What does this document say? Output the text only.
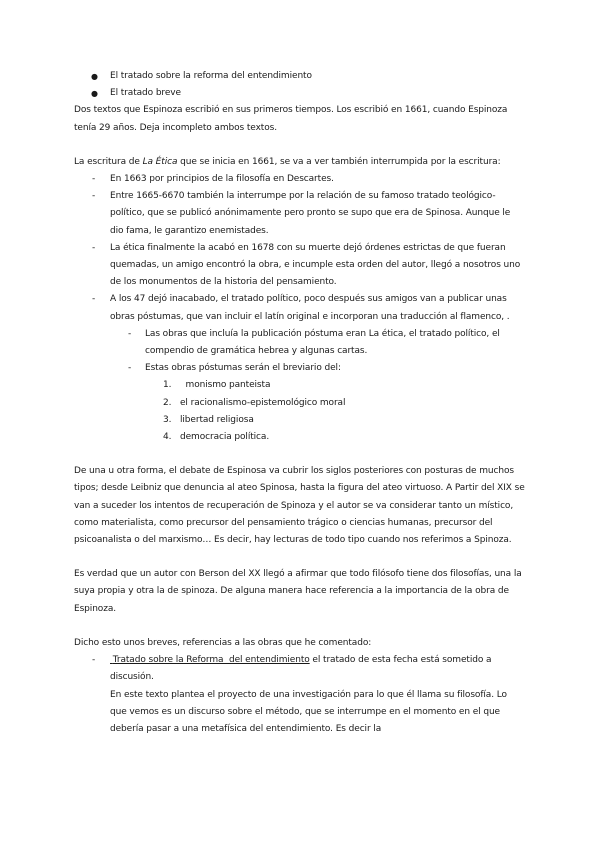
● El tratado sobre la reforma del entendimiento
● El tratado breve

Dos textos que Espinoza escribió en sus primeros tiempos. Los escribió en 1661, cuando Espinoza tenía 29 años. Deja incompleto ambos textos.

La escritura de La Ética que se inicia en 1661, se va a ver también interrumpida por la escritura:

- En 1663 por principios de la filosofía en Descartes.
- Entre 1665-6670 también la interrumpe por la relación de su famoso tratado teológico-político, que se publicó anónimamente pero pronto se supo que era de Spinosa. Aunque le dio fama, le garantizo enemistades.
- La ética finalmente la acabó en 1678 con su muerte dejó órdenes estrictas de que fueran quemadas, un amigo encontró la obra, e incumple esta orden del autor, llegó a nosotros uno de los monumentos de la historia del pensamiento.
- A los 47 dejó inacabado, el tratado político, poco después sus amigos van a publicar unas obras póstumas, que van incluir el latín original e incorporan una traducción al flamenco, .
- Las obras que incluía la publicación póstuma eran La ética, el tratado político, el compendio de gramática hebrea y algunas cartas.
- Estas obras póstumas serán el breviario del:
1. monismo panteista
2. el racionalismo-epistemológico moral
3. libertad religiosa
4. democracia política.

De una u otra forma, el debate de Espinosa va cubrir los siglos posteriores con posturas de muchos tipos; desde Leibniz que denuncia al ateo Spinosa, hasta la figura del ateo virtuoso. A Partir del XIX se van a suceder los intentos de recuperación de Spinoza y el autor se va considerar tanto un místico, como materialista, como precursor del pensamiento trágico o ciencias humanas, precursor del psicoanalista o del marxismo… Es decir, hay lecturas de todo tipo cuando nos referimos a Spinoza.

Es verdad que un autor con Berson del XX llegó a afirmar que todo filósofo tiene dos filosofías, una la suya propia y otra la de spinoza. De alguna manera hace referencia a la importancia de la obra de Espinoza.

Dicho esto unos breves, referencias a las obras que he comentado:

- Tratado sobre la Reforma  del entendimiento el tratado de esta fecha está sometido a discusión.

En este texto plantea el proyecto de una investigación para lo que él llama su filosofía. Lo que vemos es un discurso sobre el método, que se interrumpe en el momento en el que debería pasar a una metafísica del entendimiento. Es decir la
